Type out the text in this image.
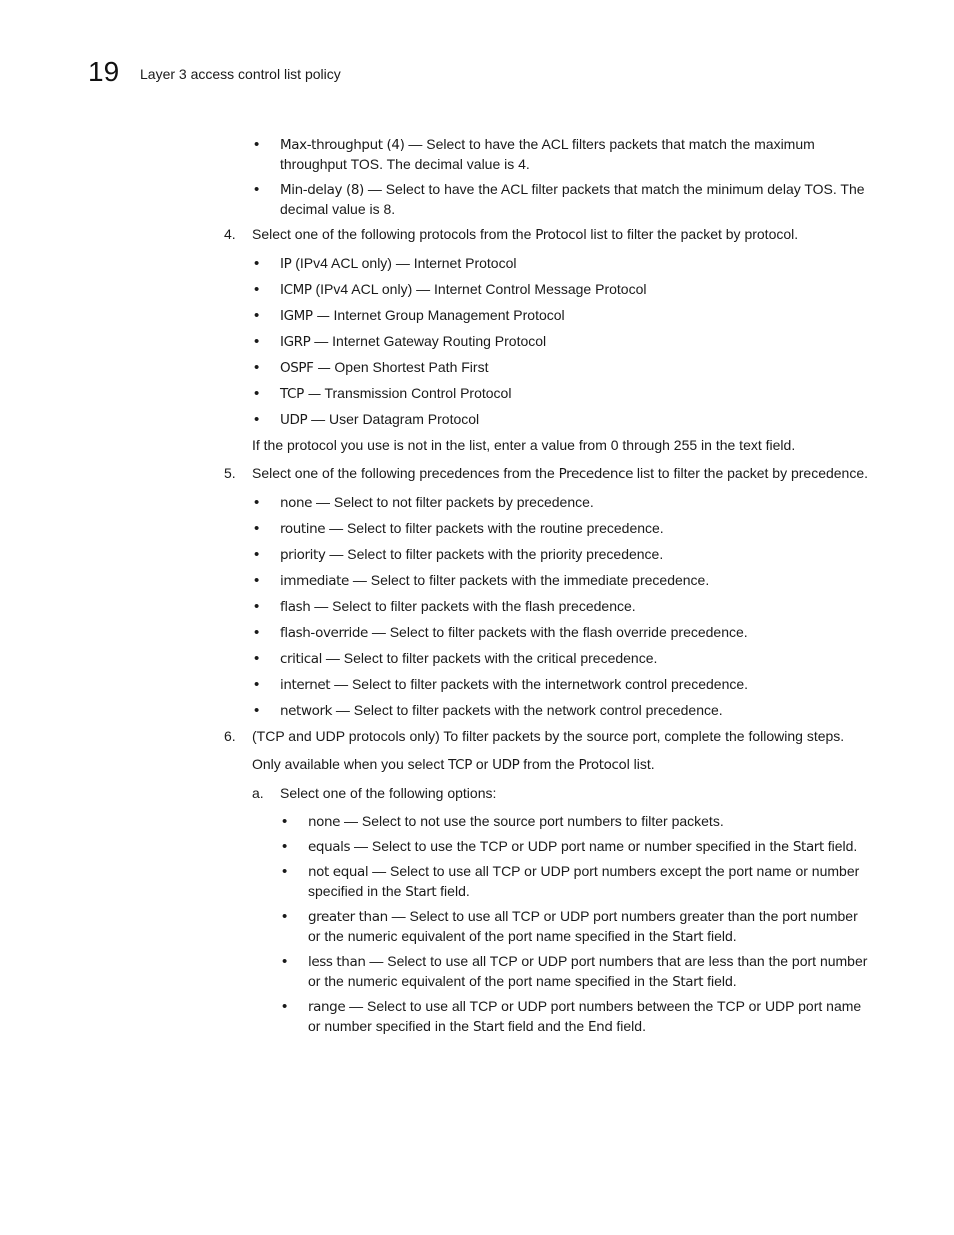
19 Layer 3 access control list policy
• Max-throughput (4) — Select to have the ACL filters packets that match the maximum throughput TOS. The decimal value is 4.
• Min-delay (8) — Select to have the ACL filter packets that match the minimum delay TOS. The decimal value is 8.
4. Select one of the following protocols from the Protocol list to filter the packet by protocol.
• IP (IPv4 ACL only) — Internet Protocol
• ICMP (IPv4 ACL only) — Internet Control Message Protocol
• IGMP — Internet Group Management Protocol
• IGRP — Internet Gateway Routing Protocol
• OSPF — Open Shortest Path First
• TCP — Transmission Control Protocol
• UDP — User Datagram Protocol
If the protocol you use is not in the list, enter a value from 0 through 255 in the text field.
5. Select one of the following precedences from the Precedence list to filter the packet by precedence.
• none — Select to not filter packets by precedence.
• routine — Select to filter packets with the routine precedence.
• priority — Select to filter packets with the priority precedence.
• immediate — Select to filter packets with the immediate precedence.
• flash — Select to filter packets with the flash precedence.
• flash-override — Select to filter packets with the flash override precedence.
• critical — Select to filter packets with the critical precedence.
• internet — Select to filter packets with the internetwork control precedence.
• network — Select to filter packets with the network control precedence.
6. (TCP and UDP protocols only) To filter packets by the source port, complete the following steps.
Only available when you select TCP or UDP from the Protocol list.
a. Select one of the following options:
• none — Select to not use the source port numbers to filter packets.
• equals — Select to use the TCP or UDP port name or number specified in the Start field.
• not equal — Select to use all TCP or UDP port numbers except the port name or number specified in the Start field.
• greater than — Select to use all TCP or UDP port numbers greater than the port number or the numeric equivalent of the port name specified in the Start field.
• less than — Select to use all TCP or UDP port numbers that are less than the port number or the numeric equivalent of the port name specified in the Start field.
• range — Select to use all TCP or UDP port numbers between the TCP or UDP port name or number specified in the Start field and the End field.
